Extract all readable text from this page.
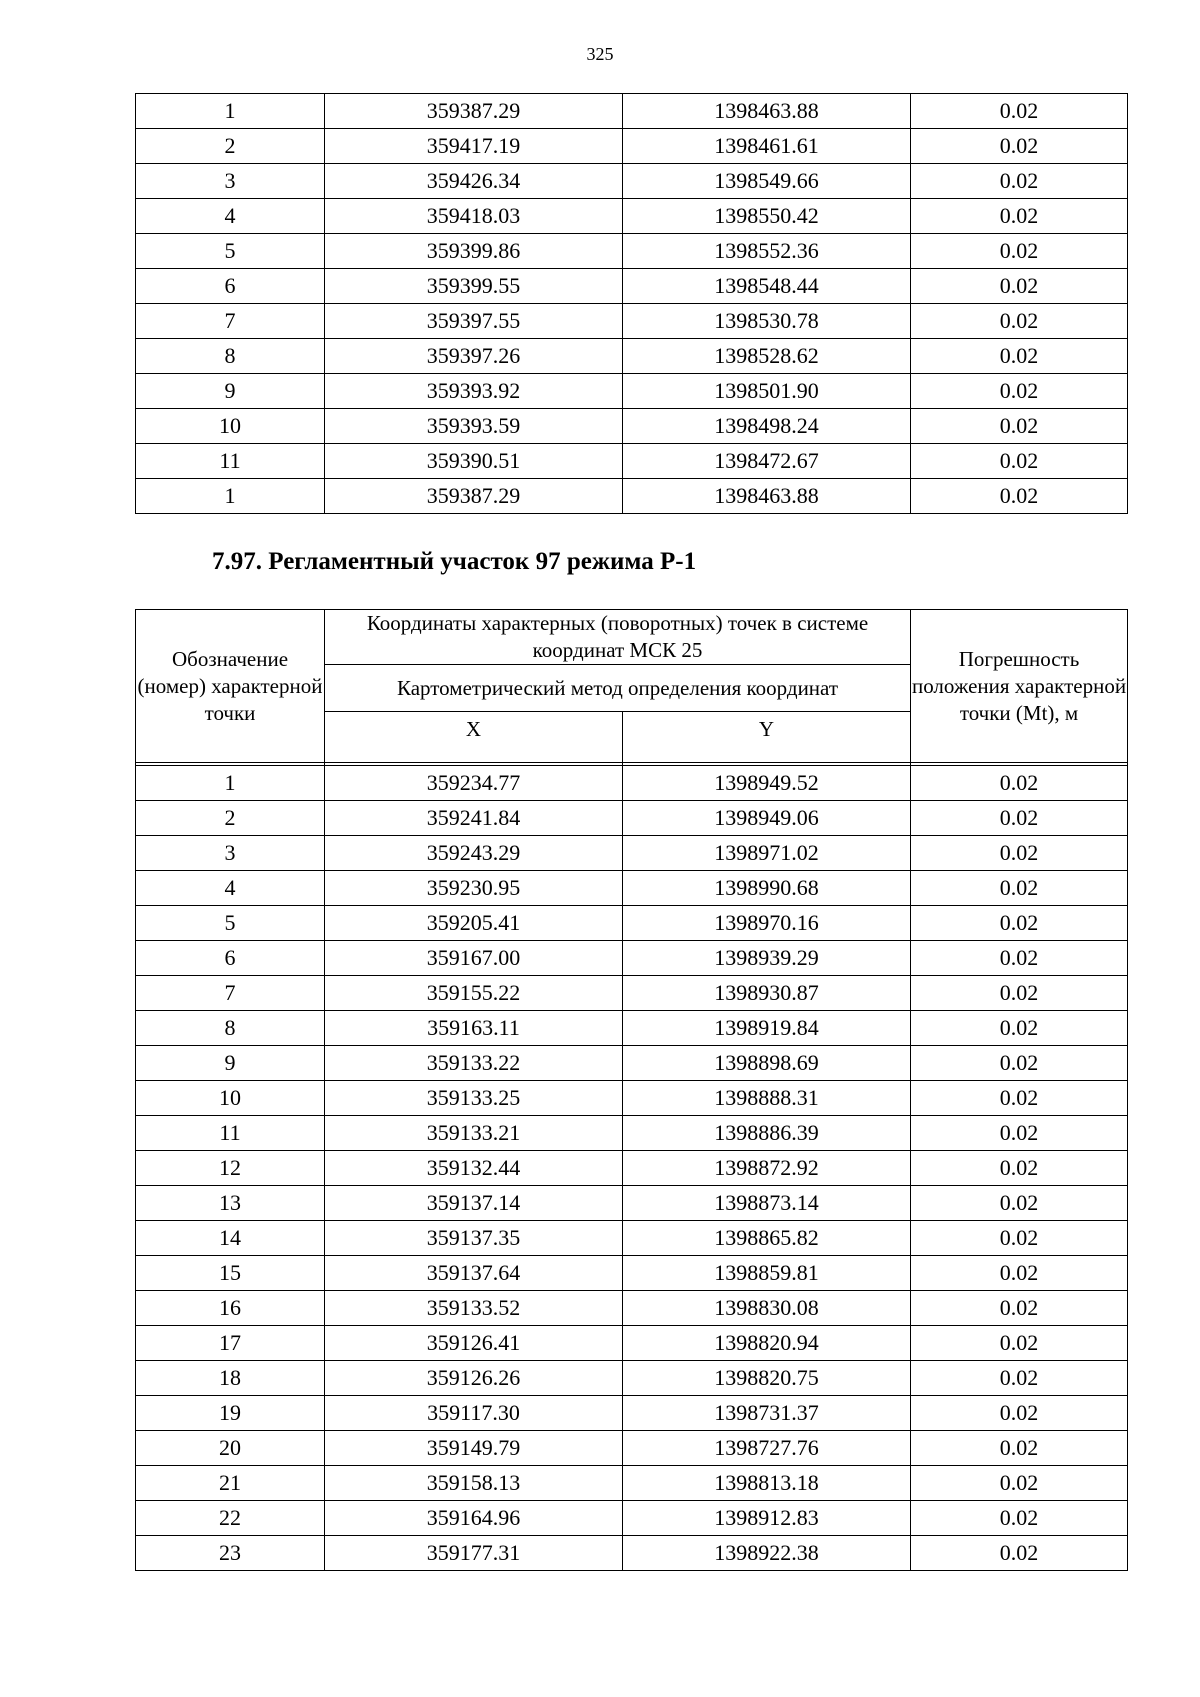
325
1	359387.29	1398463.88	0.02
2	359417.19	1398461.61	0.02
3	359426.34	1398549.66	0.02
4	359418.03	1398550.42	0.02
5	359399.86	1398552.36	0.02
6	359399.55	1398548.44	0.02
7	359397.55	1398530.78	0.02
8	359397.26	1398528.62	0.02
9	359393.92	1398501.90	0.02
10	359393.59	1398498.24	0.02
11	359390.51	1398472.67	0.02
1	359387.29	1398463.88	0.02
7.97. Регламентный участок 97 режима Р-1
Обозначение (номер) характерной точки	Координаты характерных (поворотных) точек в системе координат МСК 25		Погрешность положения характерной точки (Mt), м
	Картометрический метод определения координат		
	X	Y	

1	359234.77	1398949.52	0.02
2	359241.84	1398949.06	0.02
3	359243.29	1398971.02	0.02
4	359230.95	1398990.68	0.02
5	359205.41	1398970.16	0.02
6	359167.00	1398939.29	0.02
7	359155.22	1398930.87	0.02
8	359163.11	1398919.84	0.02
9	359133.22	1398898.69	0.02
10	359133.25	1398888.31	0.02
11	359133.21	1398886.39	0.02
12	359132.44	1398872.92	0.02
13	359137.14	1398873.14	0.02
14	359137.35	1398865.82	0.02
15	359137.64	1398859.81	0.02
16	359133.52	1398830.08	0.02
17	359126.41	1398820.94	0.02
18	359126.26	1398820.75	0.02
19	359117.30	1398731.37	0.02
20	359149.79	1398727.76	0.02
21	359158.13	1398813.18	0.02
22	359164.96	1398912.83	0.02
23	359177.31	1398922.38	0.02
